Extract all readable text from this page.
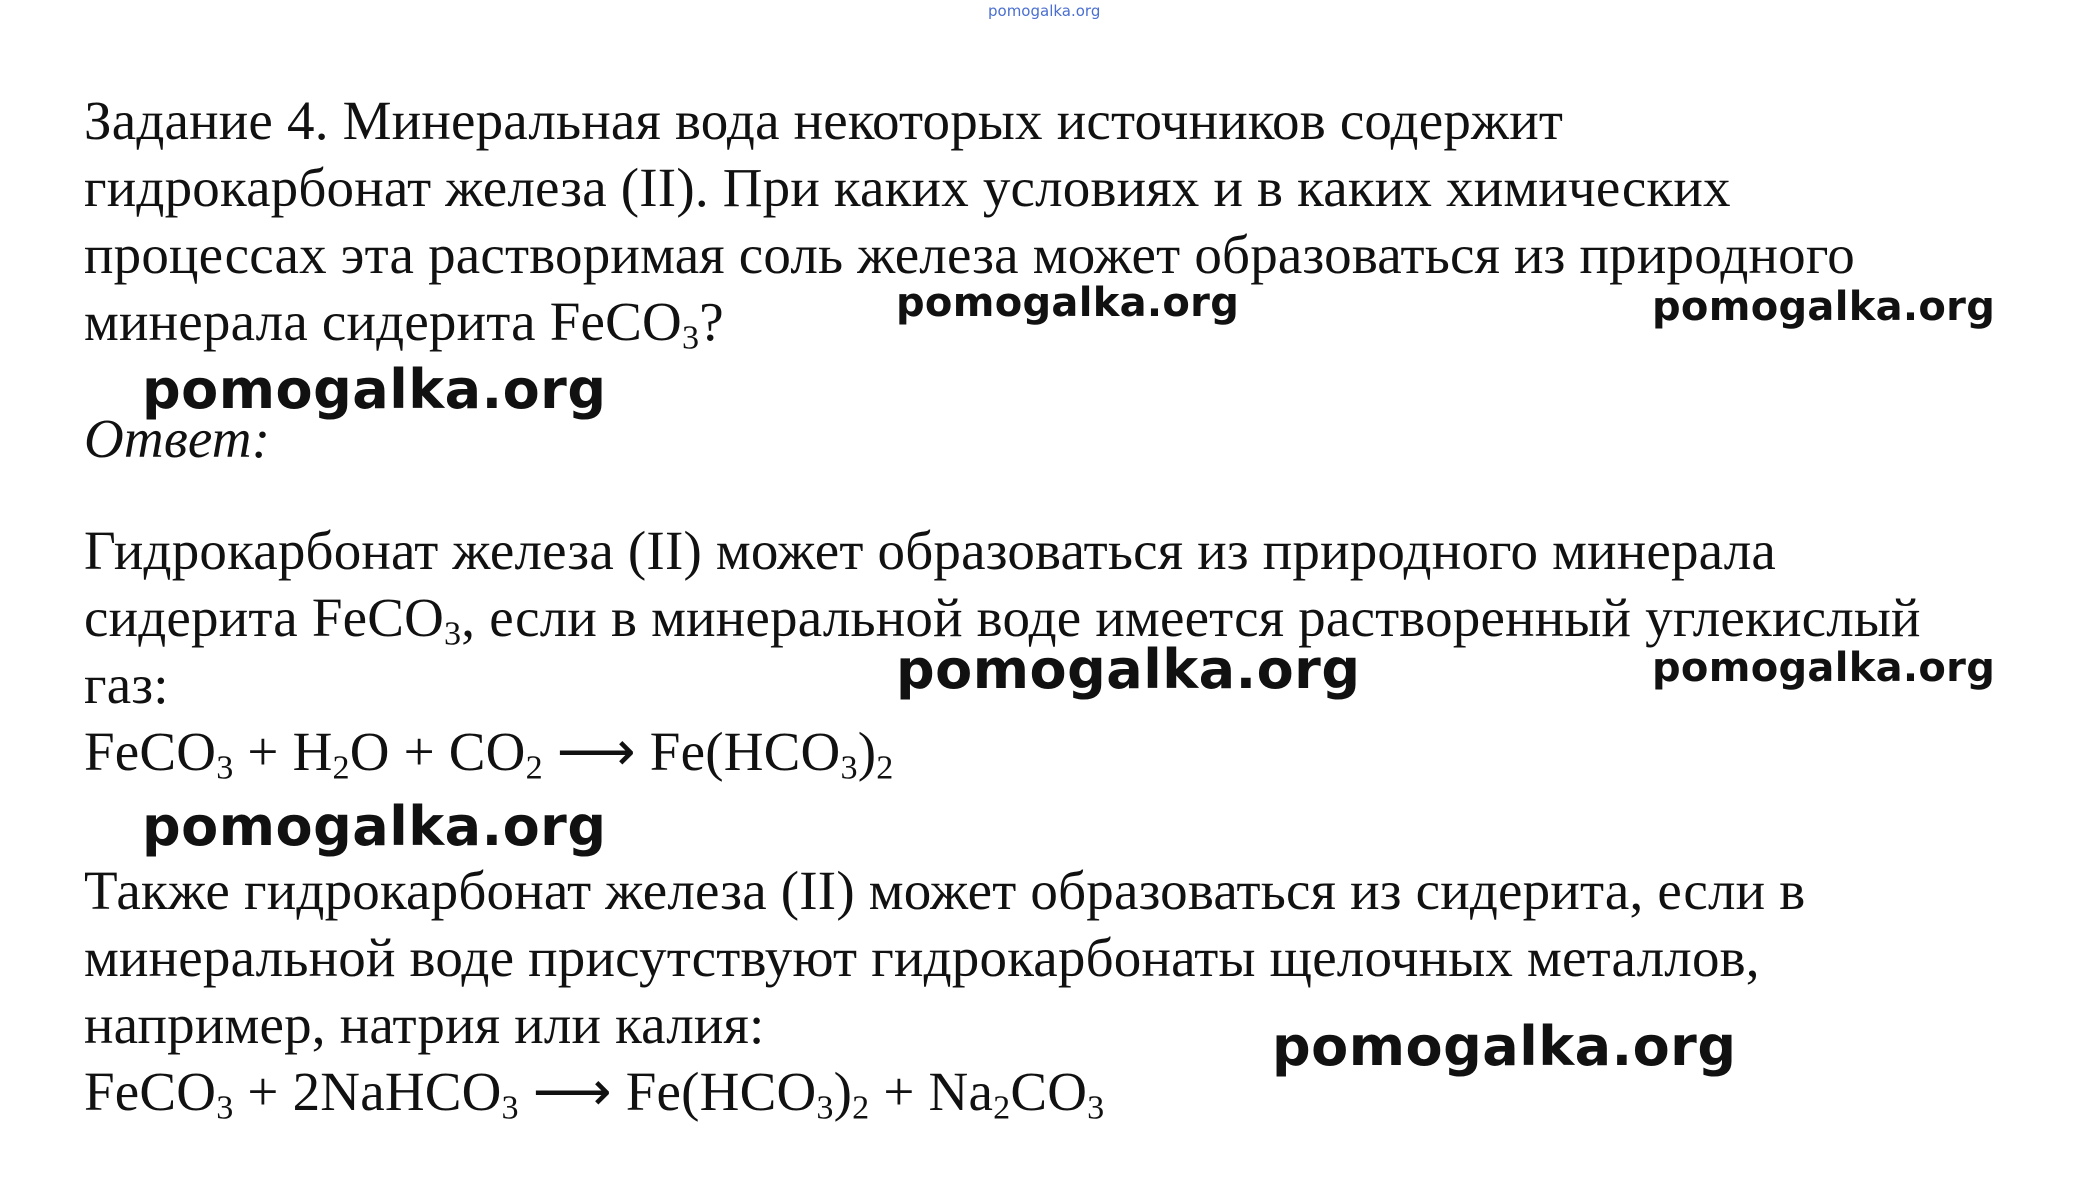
pomogalka.org
Задание 4. Минеральная вода некоторых источников содержит
гидрокарбонат железа (II). При каких условиях и в каких химических
процессах эта растворимая соль железа может образоваться из природного
минерала сидерита FeCO$_3$?
Ответ:
Гидрокарбонат железа (II) может образоваться из природного минерала
сидерита FeCO$_3$, если в минеральной воде имеется растворенный углекислый
газ:
FeCO$_3$ + $H_2O + CO_2$ ⟶ $Fe(HCO_3)_2$
Также гидрокарбонат железа (II) может образоваться из сидерита, если в
минеральной воде присутствуют гидрокарбонаты щелочных металлов,
например, натрия или калия:
FeCO$_3$ + 2NaHCO$_3$ ⟶ $Fe(HCO_3)_2 + Na_2CO_3$
pomogalka.org	pomogalka.org
pomogalka.org
pomogalka.org	pomogalka.org
pomogalka.org
pomogalka.org
